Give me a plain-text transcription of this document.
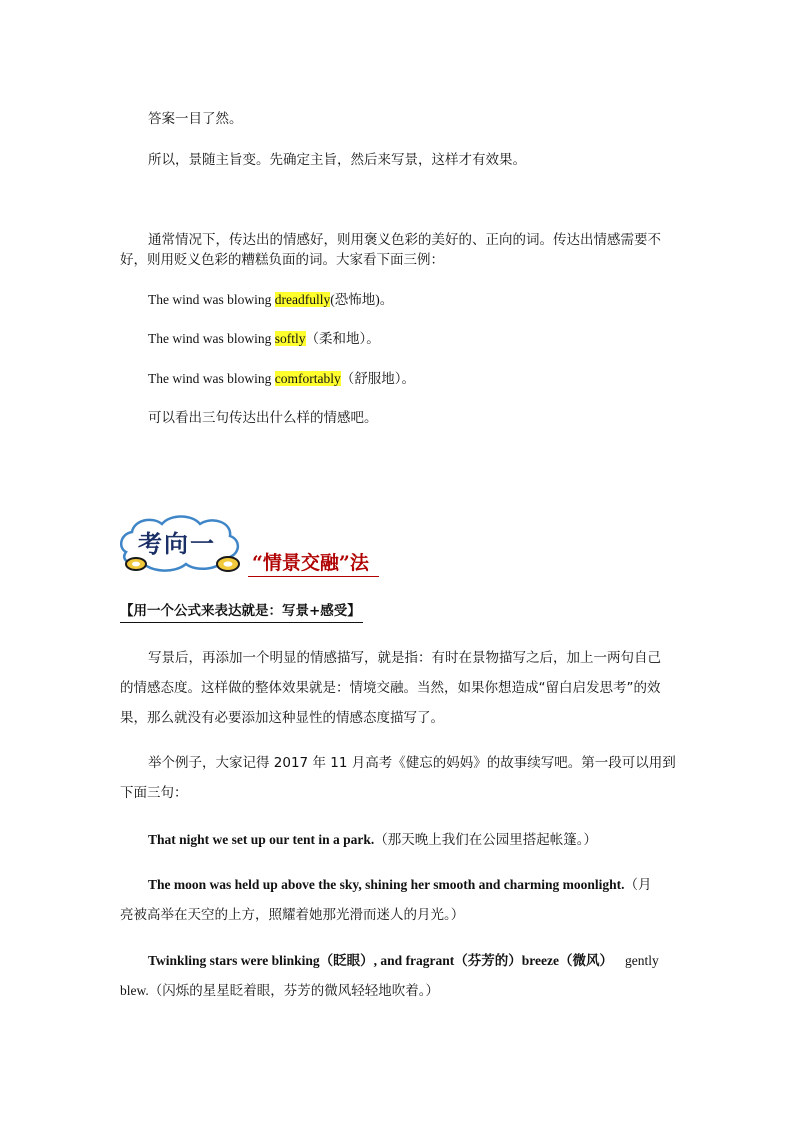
答案一目了然。
所以，景随主旨变。先确定主旨，然后来写景，这样才有效果。
通常情况下，传达出的情感好，则用褒义色彩的美好的、正向的词。传达出情感需要不
好，则用贬义色彩的糟糕负面的词。大家看下面三例：
The wind was blowing dreadfully(恐怖地)。
The wind was blowing softly（柔和地）。
The wind was blowing comfortably（舒服地）。
可以看出三句传达出什么样的情感吧。
考向一
“情景交融”法
【用一个公式来表达就是：写景+感受】

写景后，再添加一个明显的情感描写，就是指：有时在景物描写之后，加上一两句自己

的情感态度。这样做的整体效果就是：情境交融。当然，如果你想造成“留白启发思考”的效
果，那么就没有必要添加这种显性的情感态度描写了。

举个例子，大家记得 2017 年 11 月高考《健忘的妈妈》的故事续写吧。第一段可以用到

下面三句：
That night we set up our tent in a park.（那天晚上我们在公园里搭起帐篷。）
The moon was held up above the sky, shining her smooth and charming moonlight.（月
亮被高举在天空的上方，照耀着她那光滑而迷人的月光。）
Twinkling stars were blinking（眨眼）, and fragrant（芬芳的）breeze（微风） gently
blew.（闪烁的星星眨着眼，芬芳的微风轻轻地吹着。）
